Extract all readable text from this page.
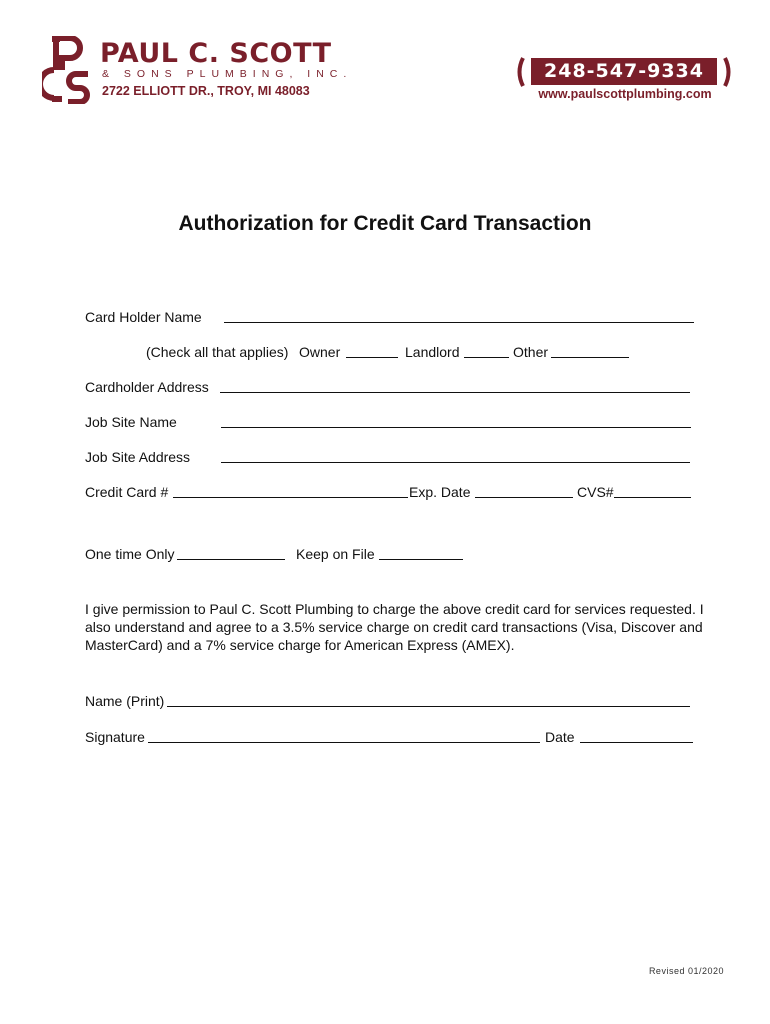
PAUL C. SCOTT
& SONS PLUMBING, INC.
2722 ELLIOTT DR., TROY, MI 48083
248-547-9334
www.paulscottplumbing.com
Authorization for Credit Card Transaction
Card Holder Name
(Check all that applies) Owner	Landlord	Other
Cardholder Address
Job Site Name
Job Site Address
Credit Card #	Exp. Date	CVS#
One time Only	Keep on File
I give permission to Paul C. Scott Plumbing to charge the above credit card for services requested. I also understand and agree to a 3.5% service charge on credit card transactions (Visa, Discover and MasterCard) and a 7% service charge for American Express (AMEX).
Name (Print)
Signature	Date
Revised 01/2020
